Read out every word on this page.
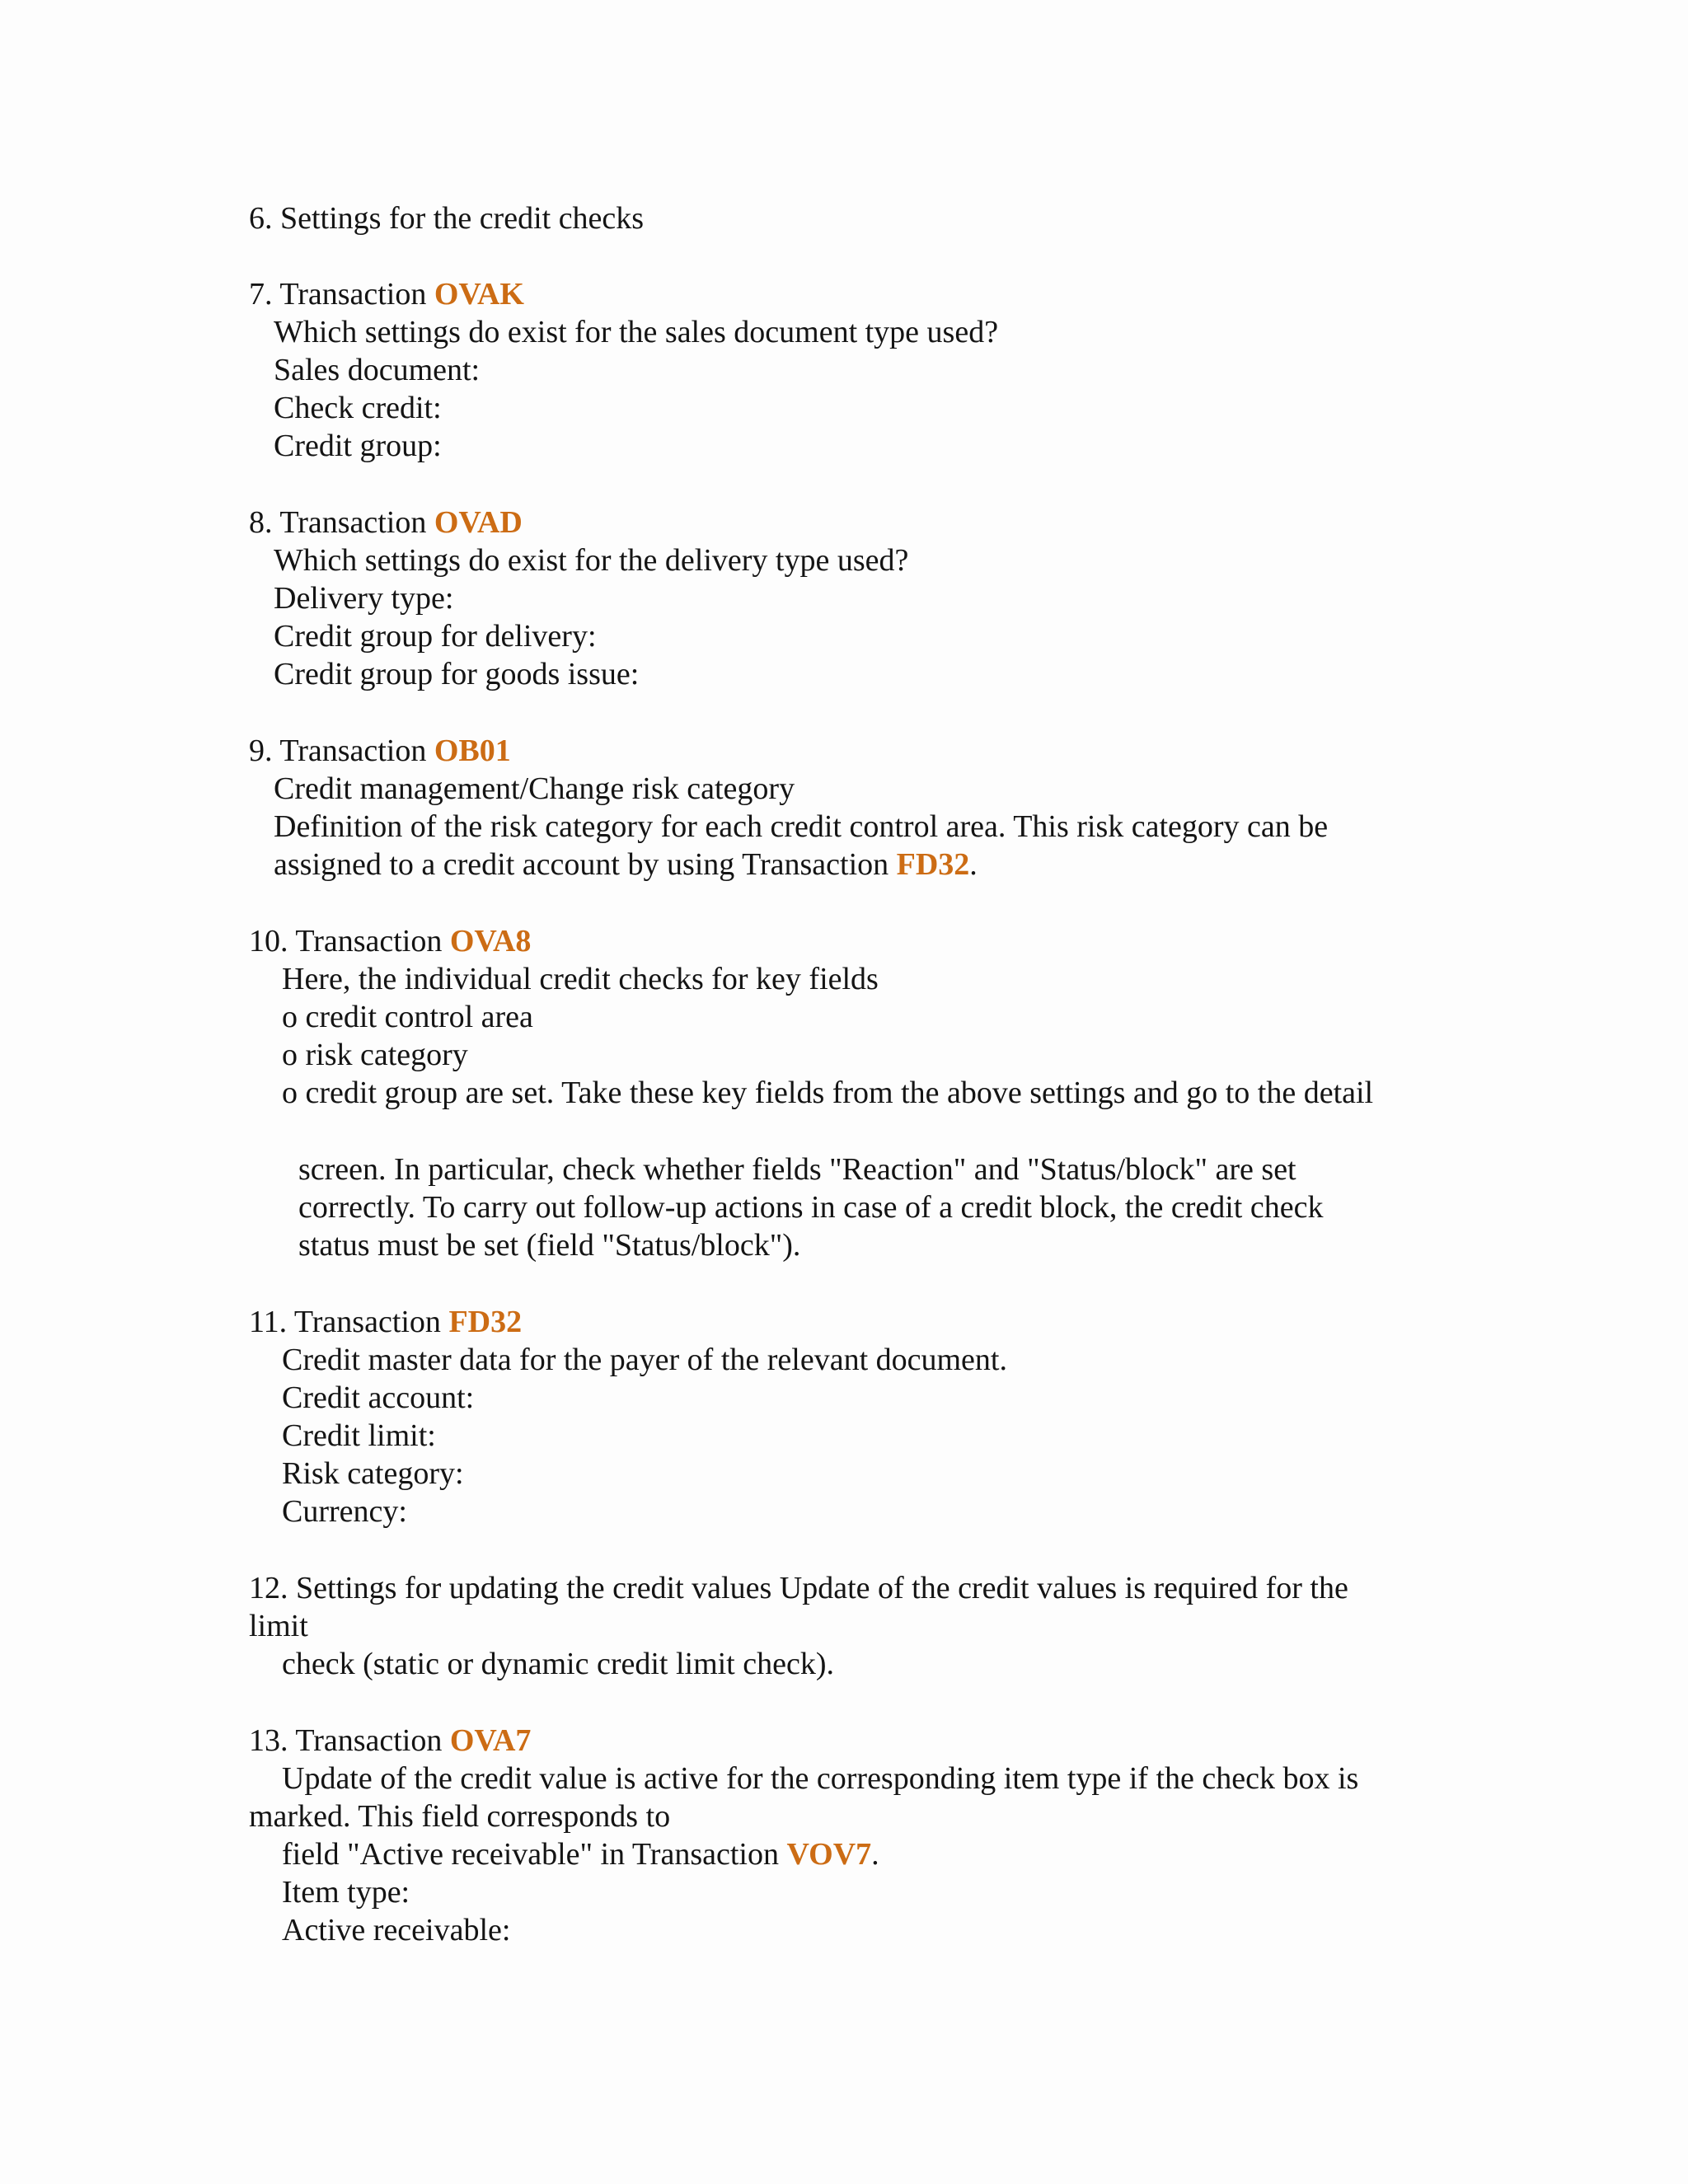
6. Settings for the credit checks
7. Transaction OVAK
Which settings do exist for the sales document type used?
Sales document:
Check credit:
Credit group:
8. Transaction OVAD
Which settings do exist for the delivery type used?
Delivery type:
Credit group for delivery:
Credit group for goods issue:
9. Transaction OB01
Credit management/Change risk category
Definition of the risk category for each credit control area. This risk category can be
assigned to a credit account by using Transaction FD32.
10. Transaction OVA8
Here, the individual credit checks for key fields
o credit control area
o risk category
o credit group are set. Take these key fields from the above settings and go to the detail
screen. In particular, check whether fields "Reaction" and "Status/block" are set
correctly. To carry out follow-up actions in case of a credit block, the credit check
status must be set (field "Status/block").
11. Transaction FD32
Credit master data for the payer of the relevant document.
Credit account:
Credit limit:
Risk category:
Currency:
12. Settings for updating the credit values Update of the credit values is required for the
limit
check (static or dynamic credit limit check).
13. Transaction OVA7
Update of the credit value is active for the corresponding item type if the check box is
marked. This field corresponds to
field "Active receivable" in Transaction VOV7.
Item type:
Active receivable:
